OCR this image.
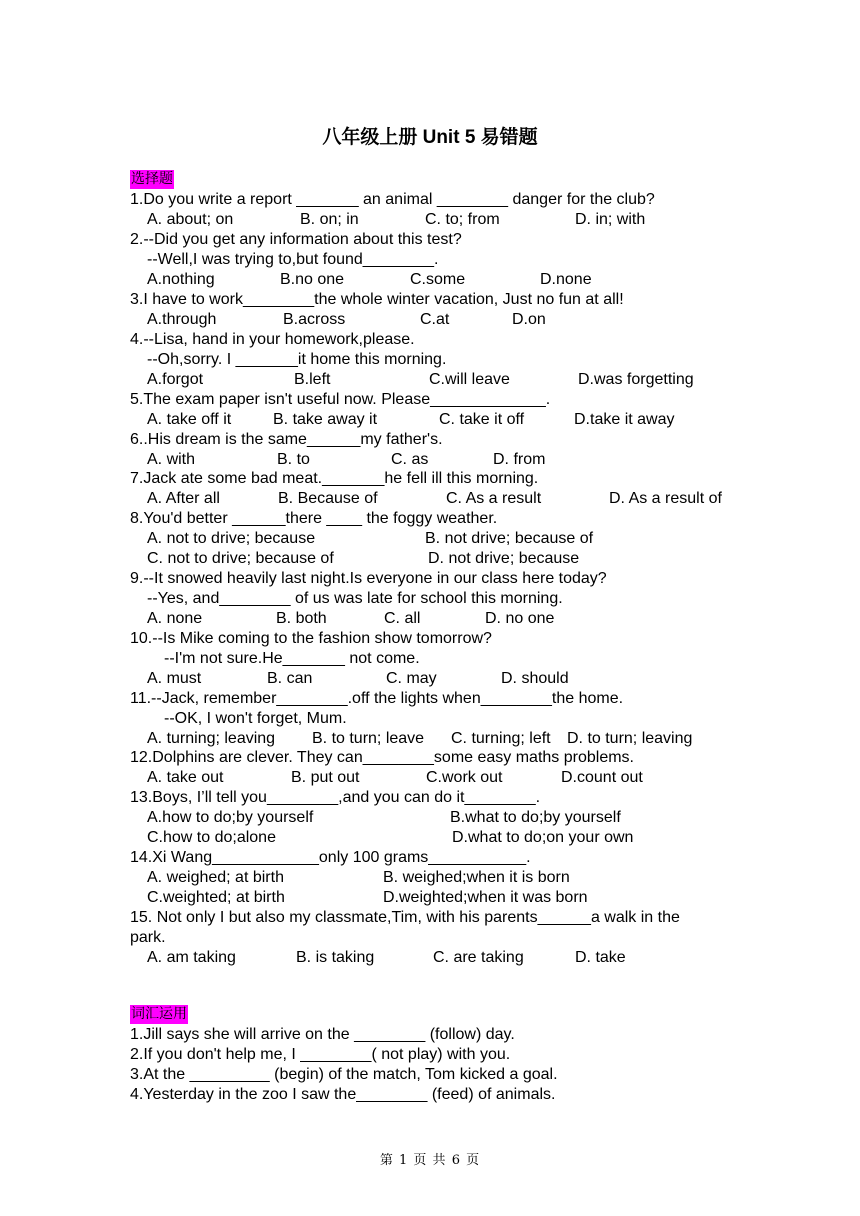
八年级上册 Unit 5 易错题
选择题
1.Do you write a report _______ an animal ________ danger for the club?
A. about; on	B. on; in	C. to; from	D. in; with
2.--Did you get any information about this test?
--Well,I was trying to,but found________.
A.nothing	B.no one	C.some	D.none
3.I have to work________the whole winter vacation, Just no fun at all!
A.through	B.across	C.at	D.on
4.--Lisa, hand in your homework,please.
--Oh,sorry. I _______it home this morning.
A.forgot	B.left	C.will leave	D.was forgetting
5.The exam paper isn't useful now. Please_____________.
A. take off it	B. take away it	C. take it off	D.take it away
6..His dream is the same______my father's.
A. with	B. to	C. as	D. from
7.Jack ate some bad meat._______he fell ill this morning.
A. After all	B. Because of	C. As a result	D. As a result of
8.You'd better ______there ____ the foggy weather.
A. not to drive; because	B. not drive; because of
C. not to drive; because of	D. not drive; because
9.--It snowed heavily last night.Is everyone in our class here today?
--Yes, and________ of us was late for school this morning.
A. none	B. both	C. all	D. no one
10.--Is Mike coming to the fashion show tomorrow?
--I'm not sure.He_______ not come.
A. must	B. can	C. may	D. should
11.--Jack, remember________.off the lights when________the home.
--OK, I won't forget, Mum.
A. turning; leaving B. to turn; leave C. turning; left D. to turn; leaving
12.Dolphins are clever. They can________some easy maths problems.
A. take out	B. put out	C.work out	D.count out
13.Boys, I’ll tell you________,and you can do it________.
A.how to do;by yourself	B.what to do;by yourself
C.how to do;alone	D.what to do;on your own
14.Xi Wang____________only 100 grams___________.
A. weighed; at birth	B. weighed;when it is born
C.weighted; at birth	D.weighted;when it was born
15. Not only I but also my classmate,Tim, with his parents______a walk in the
park.
A. am taking	B. is taking	C. are taking	D. take
词汇运用
1.Jill says she will arrive on the ________ (follow) day.
2.If you don't help me, I ________( not play) with you.
3.At the _________ (begin) of the match, Tom kicked a goal.
4.Yesterday in the zoo I saw the________ (feed) of animals.
第 1 页 共 6 页
